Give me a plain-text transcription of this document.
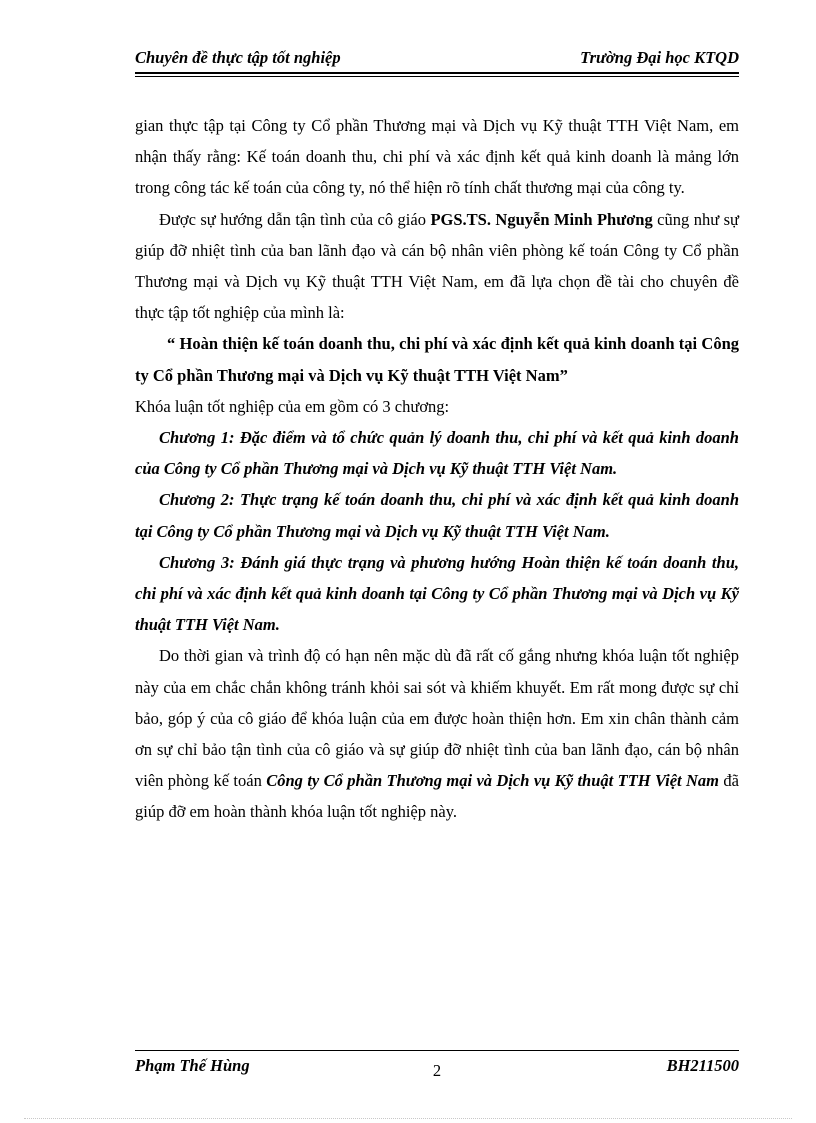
Chuyên đề thực tập tốt nghiệp	Trường Đại học KTQD

gian thực tập tại Công ty Cổ phần Thương mại và Dịch vụ Kỹ thuật TTH Việt Nam, em nhận thấy rằng: Kế toán doanh thu, chi phí và xác định kết quả kinh doanh là mảng lớn trong công tác kế toán của công ty, nó thể hiện rõ tính chất thương mại của công ty.

Được sự hướng dẫn tận tình của cô giáo PGS.TS. Nguyễn Minh Phương cũng như sự giúp đỡ nhiệt tình của ban lãnh đạo và cán bộ nhân viên phòng kế toán Công ty Cổ phần Thương mại và Dịch vụ Kỹ thuật TTH Việt Nam, em đã lựa chọn đề tài cho chuyên đề thực tập tốt nghiệp của mình là:

“ Hoàn thiện kế toán doanh thu, chi phí và xác định kết quả kinh doanh tại Công ty Cổ phần Thương mại và Dịch vụ Kỹ thuật TTH Việt Nam”

Khóa luận tốt nghiệp của em gồm có 3 chương:

Chương 1: Đặc điểm và tổ chức quản lý doanh thu, chi phí và kết quả kinh doanh của Công ty Cổ phần Thương mại và Dịch vụ Kỹ thuật TTH Việt Nam.

Chương 2: Thực trạng kế toán doanh thu, chi phí và xác định kết quả kinh doanh tại Công ty Cổ phần Thương mại và Dịch vụ Kỹ thuật TTH Việt Nam.

Chương 3: Đánh giá thực trạng và phương hướng Hoàn thiện kế toán doanh thu, chi phí và xác định kết quả kinh doanh tại Công ty Cổ phần Thương mại và Dịch vụ Kỹ thuật TTH Việt Nam.

Do thời gian và trình độ có hạn nên mặc dù đã rất cố gắng nhưng khóa luận tốt nghiệp này của em chắc chắn không tránh khỏi sai sót và khiếm khuyết. Em rất mong được sự chỉ bảo, góp ý của cô giáo để khóa luận của em được hoàn thiện hơn. Em xin chân thành cảm ơn sự chỉ bảo tận tình của cô giáo và sự giúp đỡ nhiệt tình của ban lãnh đạo, cán bộ nhân viên phòng kế toán Công ty Cổ phần Thương mại và Dịch vụ Kỹ thuật TTH Việt Nam đã giúp đỡ em hoàn thành khóa luận tốt nghiệp này.

Phạm Thế Hùng	2	BH211500
